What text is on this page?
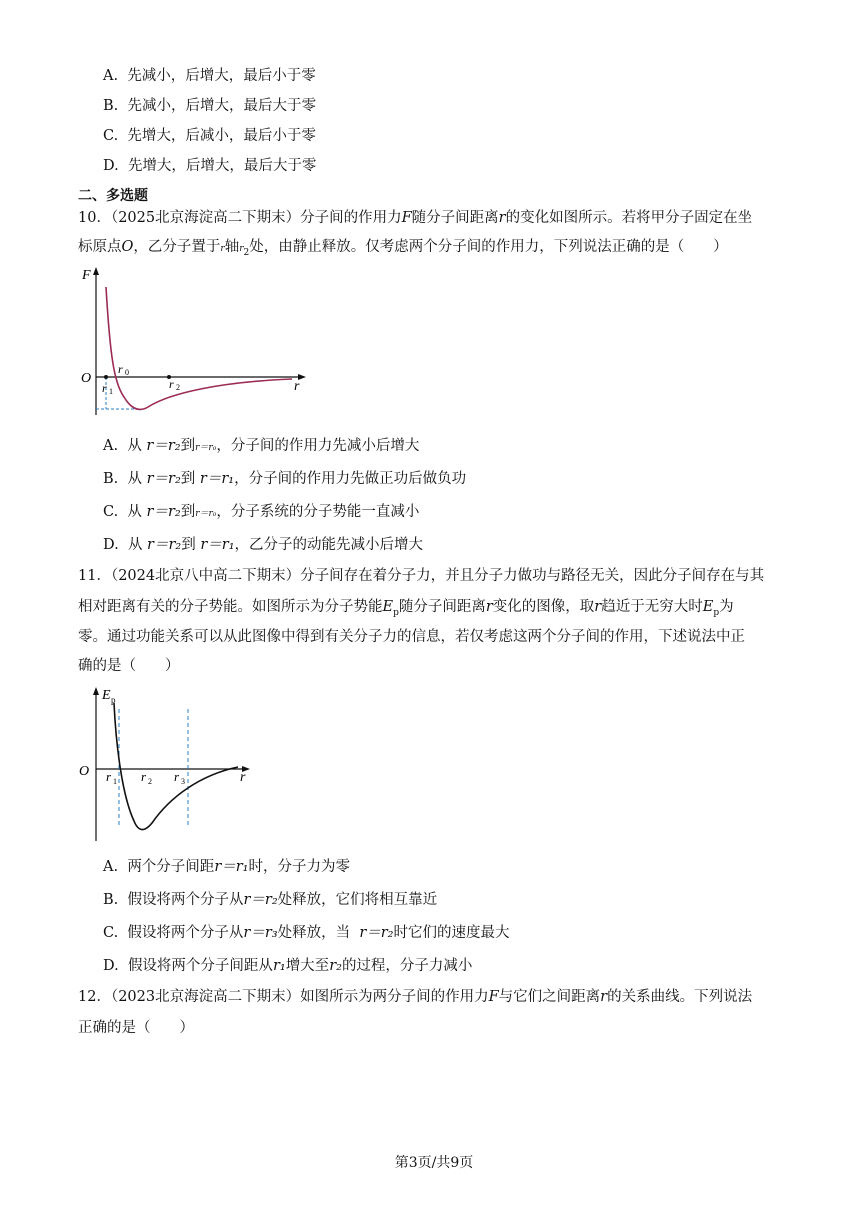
A. 先减小，后增大，最后小于零
B. 先减小，后增大，最后大于零
C. 先增大，后减小，最后小于零
D. 先增大，后增大，最后大于零
二、多选题
10．（2025北京海淀高二下期末）分子间的作用力F随分子间距离r的变化如图所示。若将甲分子固定在坐
标原点O，乙分子置于r轴$r_2$处，由静止释放。仅考虑两个分子间的作用力，下列说法正确的是（　　）
F
O
r 0
r 1
r 2	r
A. 从 r＝r₂到r＝r₀，分子间的作用力先减小后增大
B. 从 r＝r₂到 r＝r₁，分子间的作用力先做正功后做负功
C. 从 r＝r₂到r＝r₀，分子系统的分子势能一直减小
D. 从 r＝r₂到 r＝r₁，乙分子的动能先减小后增大
11．（2024北京八中高二下期末）分子间存在着分子力，并且分子力做功与路径无关，因此分子间存在与其
相对距离有关的分子势能。如图所示为分子势能$E_p$随分子间距离r变化的图像，取r趋近于无穷大时$E_p$为
零。通过功能关系可以从此图像中得到有关分子力的信息，若仅考虑这两个分子间的作用，下述说法中正
确的是（　　）
E p
O r 1 r 2 r 3	r
A. 两个分子间距r＝r₁时，分子力为零
B. 假设将两个分子从r＝r₂处释放，它们将相互靠近
C. 假设将两个分子从r＝r₃处释放，当 r＝r₂时它们的速度最大
D. 假设将两个分子间距从r₁增大至r₂的过程，分子力减小
12．（2023北京海淀高二下期末）如图所示为两分子间的作用力F与它们之间距离r的关系曲线。下列说法
正确的是（　　）
第3页/共9页
